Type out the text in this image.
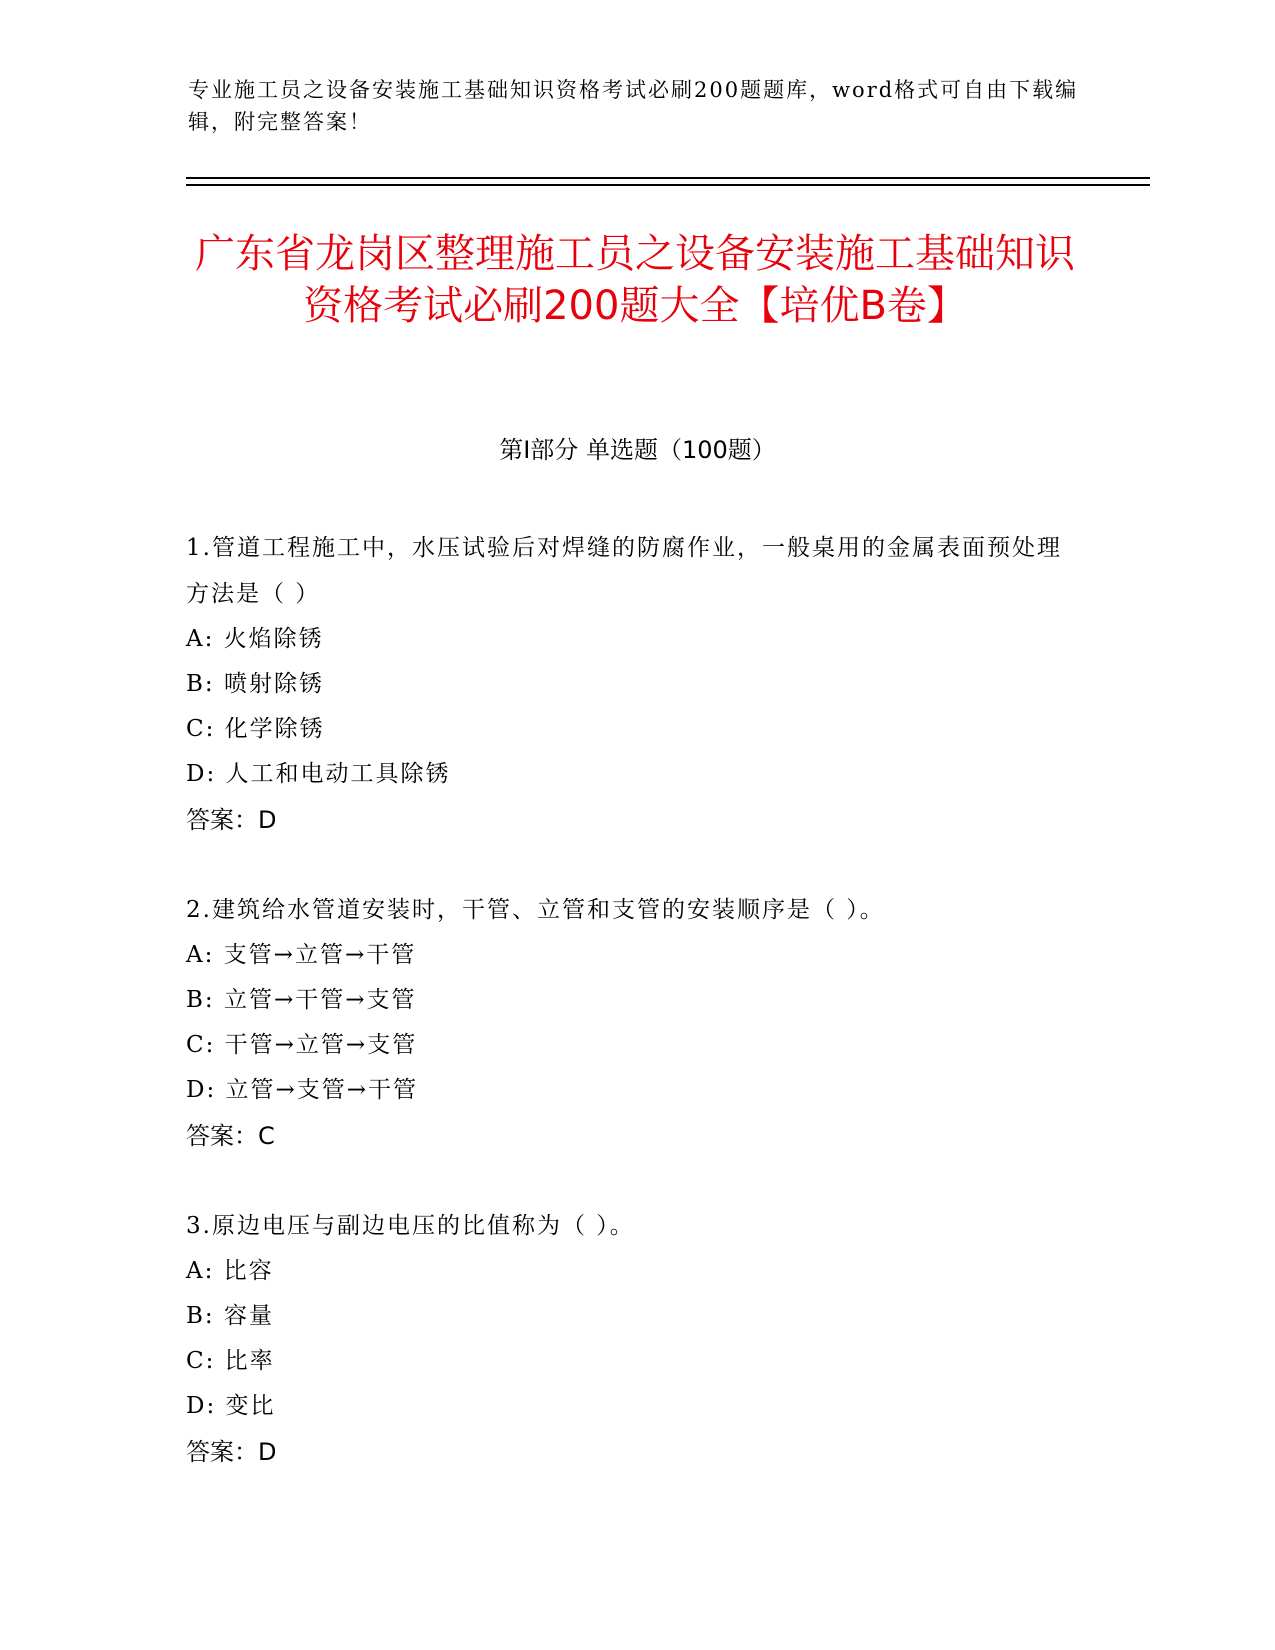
专业施工员之设备安装施工基础知识资格考试必刷200题题库，word格式可自由下载编辑，附完整答案！
广东省龙岗区整理施工员之设备安装施工基础知识资格考试必刷200题大全【培优B卷】
第I部分 单选题（100题）

1.管道工程施工中，水压试验后对焊缝的防腐作业，一般桌用的金属表面预处理方法是（ ）

A: 火焰除锈

B: 喷射除锈

C: 化学除锈

D: 人工和电动工具除锈

答案：D

2.建筑给水管道安装时，干管、立管和支管的安装顺序是（ ）。

A: 支管→立管→干管

B: 立管→干管→支管

C: 干管→立管→支管

D: 立管→支管→干管

答案：C

3.原边电压与副边电压的比值称为（ ）。

A: 比容

B: 容量

C: 比率

D: 变比

答案：D
